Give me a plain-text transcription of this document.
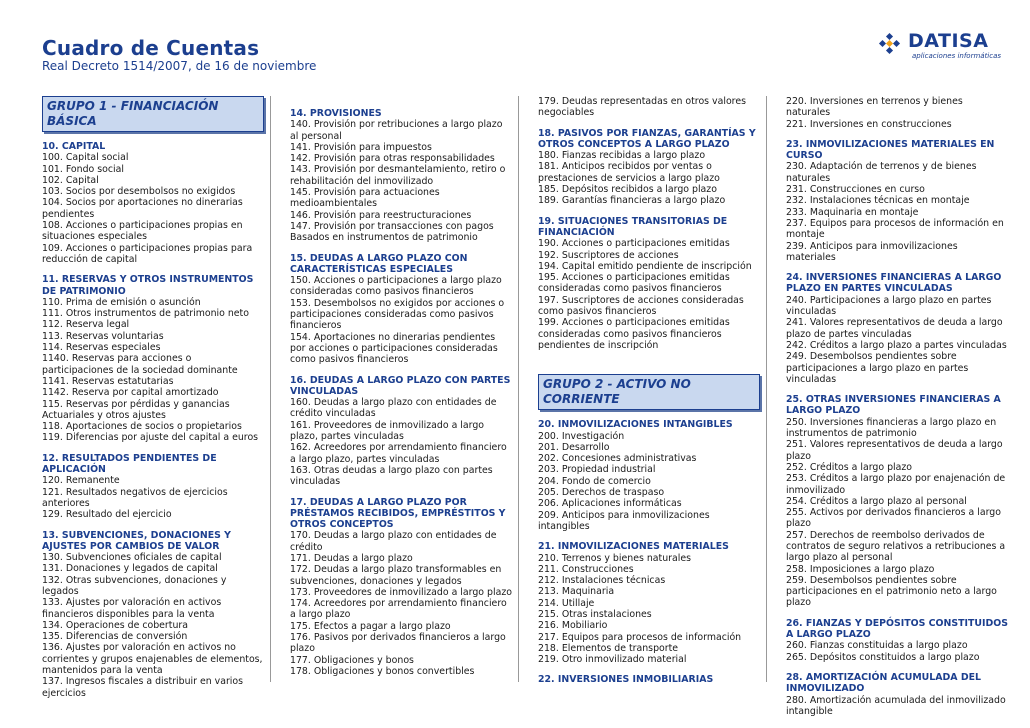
Cuadro de Cuentas
Real Decreto 1514/2007, de 16 de noviembre
DATISA
aplicaciones informáticas
GRUPO 1 - FINANCIACIÓN BÁSICA
10. CAPITAL
100. Capital social
101. Fondo social
102. Capital
103. Socios por desembolsos no exigidos
104. Socios por aportaciones no dinerarias pendientes
108. Acciones o participaciones propias en situaciones especiales
109. Acciones o participaciones propias para reducción de capital
11. RESERVAS Y OTROS INSTRUMENTOS DE PATRIMONIO
110. Prima de emisión o asunción
111. Otros instrumentos de patrimonio neto
112. Reserva legal
113. Reservas voluntarias
114. Reservas especiales
1140. Reservas para acciones o participaciones de la sociedad dominante
1141. Reservas estatutarias
1142. Reserva por capital amortizado
115. Reservas por pérdidas y ganancias Actuariales y otros ajustes
118. Aportaciones de socios o propietarios
119. Diferencias por ajuste del capital a euros
12. RESULTADOS PENDIENTES DE APLICACIÓN
120. Remanente
121. Resultados negativos de ejercicios anteriores
129. Resultado del ejercicio
13. SUBVENCIONES, DONACIONES Y AJUSTES POR CAMBIOS DE VALOR
130. Subvenciones oficiales de capital
131. Donaciones y legados de capital
132. Otras subvenciones, donaciones y legados
133. Ajustes por valoración en activos financieros disponibles para la venta
134. Operaciones de cobertura
135. Diferencias de conversión
136. Ajustes por valoración en activos no corrientes y grupos enajenables de elementos, mantenidos para la venta
137. Ingresos fiscales a distribuir en varios ejercicios
14. PROVISIONES
140. Provisión por retribuciones a largo plazo al personal
141. Provisión para impuestos
142. Provisión para otras responsabilidades
143. Provisión por desmantelamiento, retiro o rehabilitación del inmovilizado
145. Provisión para actuaciones medioambientales
146. Provisión para reestructuraciones
147. Provisión por transacciones con pagos Basados en instrumentos de patrimonio
15. DEUDAS A LARGO PLAZO CON CARACTERÍSTICAS ESPECIALES
150. Acciones o participaciones a largo plazo consideradas como pasivos financieros
153. Desembolsos no exigidos por acciones o participaciones consideradas como pasivos financieros
154. Aportaciones no dinerarias pendientes por acciones o participaciones consideradas como pasivos financieros
16. DEUDAS A LARGO PLAZO CON PARTES VINCULADAS
160. Deudas a largo plazo con entidades de crédito vinculadas
161. Proveedores de inmovilizado a largo plazo, partes vinculadas
162. Acreedores por arrendamiento financiero a largo plazo, partes vinculadas
163. Otras deudas a largo plazo con partes vinculadas
17. DEUDAS A LARGO PLAZO POR PRÉSTAMOS RECIBIDOS, EMPRÉSTITOS Y OTROS CONCEPTOS
170. Deudas a largo plazo con entidades de crédito
171. Deudas a largo plazo
172. Deudas a largo plazo transformables en subvenciones, donaciones y legados
173. Proveedores de inmovilizado a largo plazo
174. Acreedores por arrendamiento financiero a largo plazo
175. Efectos a pagar a largo plazo
176. Pasivos por derivados financieros a largo plazo
177. Obligaciones y bonos
178. Obligaciones y bonos convertibles
179. Deudas representadas en otros valores negociables
18. PASIVOS POR FIANZAS, GARANTÍAS Y OTROS CONCEPTOS A LARGO PLAZO
180. Fianzas recibidas a largo plazo
181. Anticipos recibidos por ventas o prestaciones de servicios a largo plazo
185. Depósitos recibidos a largo plazo
189. Garantías financieras a largo plazo
19. SITUACIONES TRANSITORIAS DE FINANCIACIÓN
190. Acciones o participaciones emitidas
192. Suscriptores de acciones
194. Capital emitido pendiente de inscripción
195. Acciones o participaciones emitidas consideradas como pasivos financieros
197. Suscriptores de acciones consideradas como pasivos financieros
199. Acciones o participaciones emitidas consideradas como pasivos financieros pendientes de inscripción
GRUPO 2 - ACTIVO NO CORRIENTE
20. INMOVILIZACIONES INTANGIBLES
200. Investigación
201. Desarrollo
202. Concesiones administrativas
203. Propiedad industrial
204. Fondo de comercio
205. Derechos de traspaso
206. Aplicaciones informáticas
209. Anticipos para inmovilizaciones intangibles
21. INMOVILIZACIONES MATERIALES
210. Terrenos y bienes naturales
211. Construcciones
212. Instalaciones técnicas
213. Maquinaria
214. Utillaje
215. Otras instalaciones
216. Mobiliario
217. Equipos para procesos de información
218. Elementos de transporte
219. Otro inmovilizado material
22. INVERSIONES INMOBILIARIAS
220. Inversiones en terrenos y bienes naturales
221. Inversiones en construcciones
23. INMOVILIZACIONES MATERIALES EN CURSO
230. Adaptación de terrenos y de bienes naturales
231. Construcciones en curso
232. Instalaciones técnicas en montaje
233. Maquinaria en montaje
237. Equipos para procesos de información en montaje
239. Anticipos para inmovilizaciones materiales
24. INVERSIONES FINANCIERAS A LARGO PLAZO EN PARTES VINCULADAS
240. Participaciones a largo plazo en partes vinculadas
241. Valores representativos de deuda a largo plazo de partes vinculadas
242. Créditos a largo plazo a partes vinculadas
249. Desembolsos pendientes sobre participaciones a largo plazo en partes vinculadas
25. OTRAS INVERSIONES FINANCIERAS A LARGO PLAZO
250. Inversiones financieras a largo plazo en instrumentos de patrimonio
251. Valores representativos de deuda a largo plazo
252. Créditos a largo plazo
253. Créditos a largo plazo por enajenación de inmovilizado
254. Créditos a largo plazo al personal
255. Activos por derivados financieros a largo plazo
257. Derechos de reembolso derivados de contratos de seguro relativos a retribuciones a largo plazo al personal
258. Imposiciones a largo plazo
259. Desembolsos pendientes sobre participaciones en el patrimonio neto a largo plazo
26. FIANZAS Y DEPÓSITOS CONSTITUIDOS A LARGO PLAZO
260. Fianzas constituidas a largo plazo
265. Depósitos constituidos a largo plazo
28. AMORTIZACIÓN ACUMULADA DEL INMOVILIZADO
280. Amortización acumulada del inmovilizado intangible
